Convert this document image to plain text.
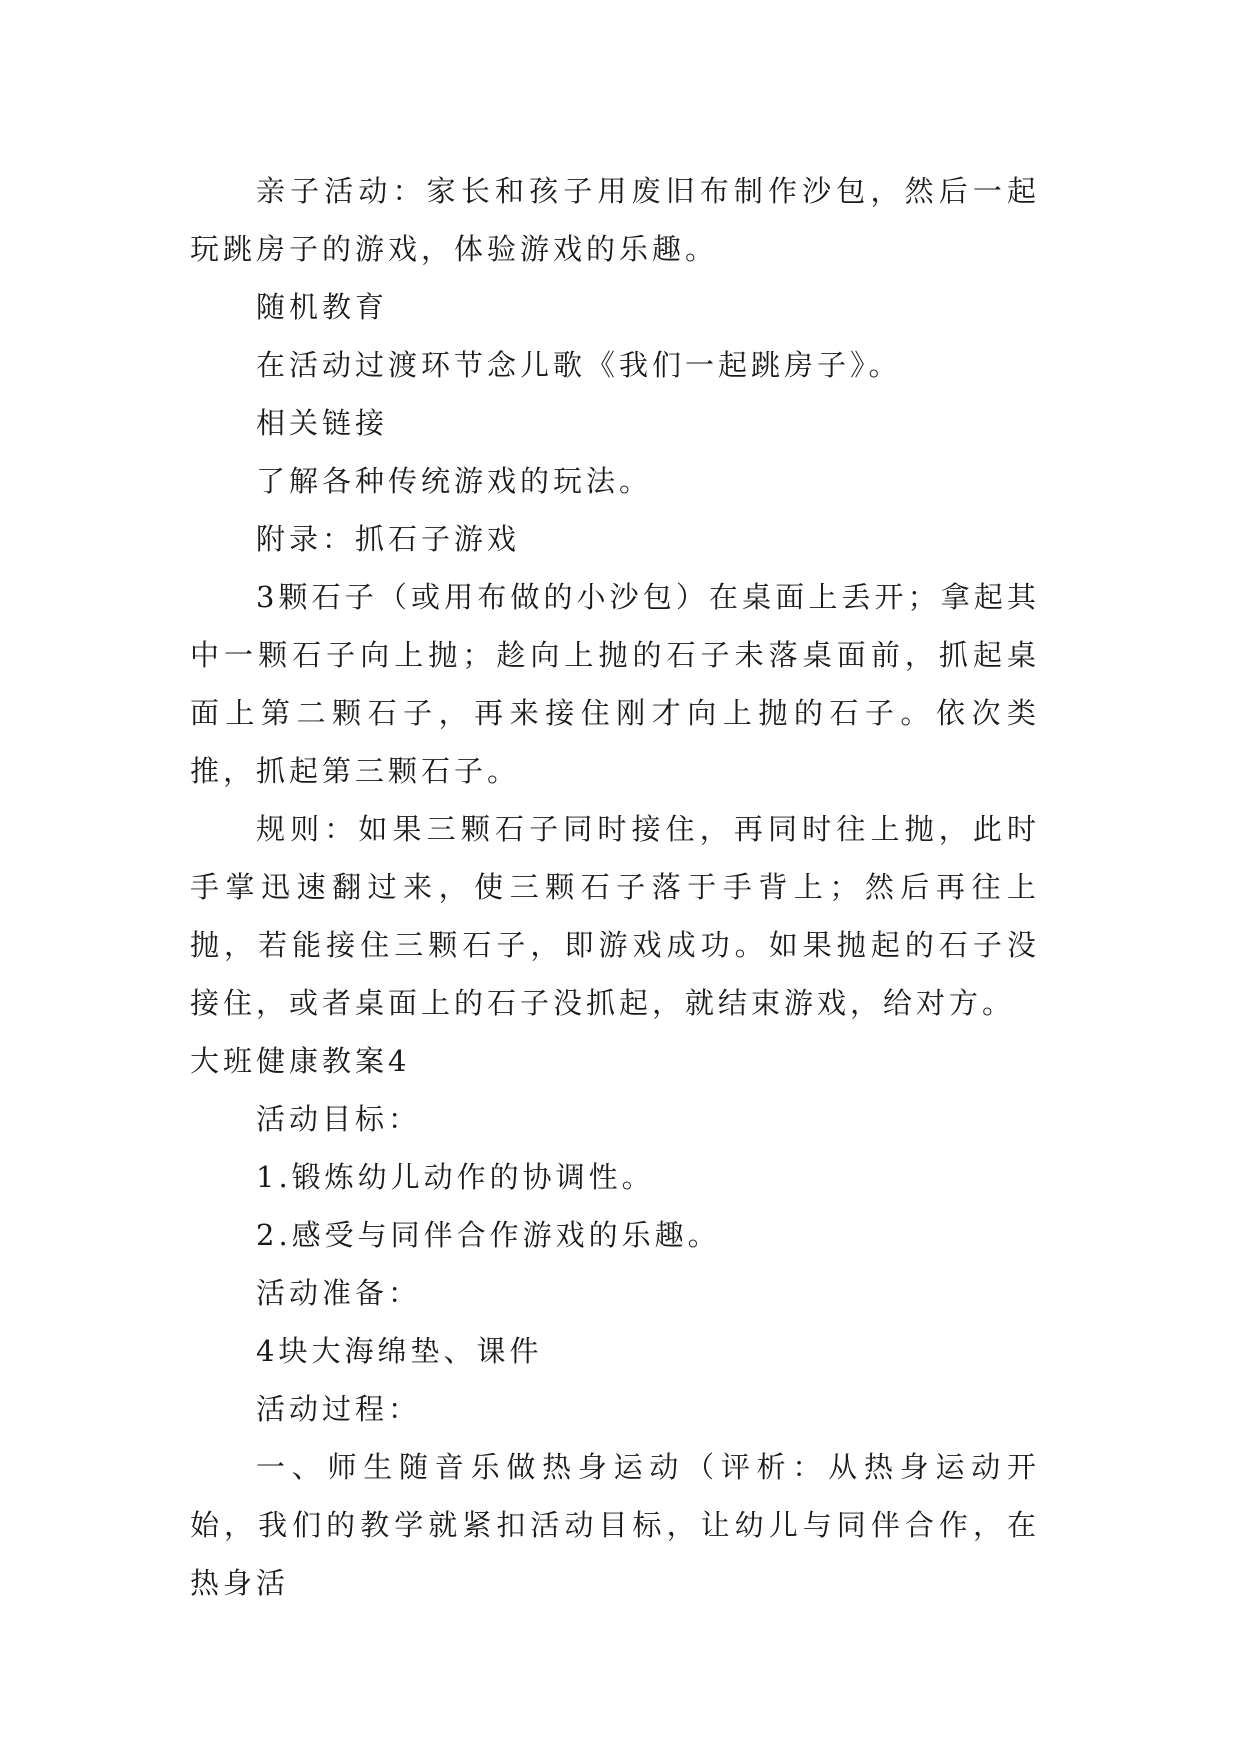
亲子活动：家长和孩子用废旧布制作沙包，然后一起玩跳房子的游戏，体验游戏的乐趣。

随机教育

在活动过渡环节念儿歌《我们一起跳房子》。

相关链接

了解各种传统游戏的玩法。

附录：抓石子游戏

3颗石子（或用布做的小沙包）在桌面上丢开；拿起其中一颗石子向上抛；趁向上抛的石子未落桌面前，抓起桌面上第二颗石子，再来接住刚才向上抛的石子。依次类推，抓起第三颗石子。

规则：如果三颗石子同时接住，再同时往上抛，此时手掌迅速翻过来，使三颗石子落于手背上；然后再往上抛，若能接住三颗石子，即游戏成功。如果抛起的石子没接住，或者桌面上的石子没抓起，就结束游戏，给对方。

大班健康教案4

活动目标：

1.锻炼幼儿动作的协调性。

2.感受与同伴合作游戏的乐趣。

活动准备：

4块大海绵垫、课件

活动过程：

一、师生随音乐做热身运动（评析：从热身运动开始，我们的教学就紧扣活动目标，让幼儿与同伴合作，在热身活
